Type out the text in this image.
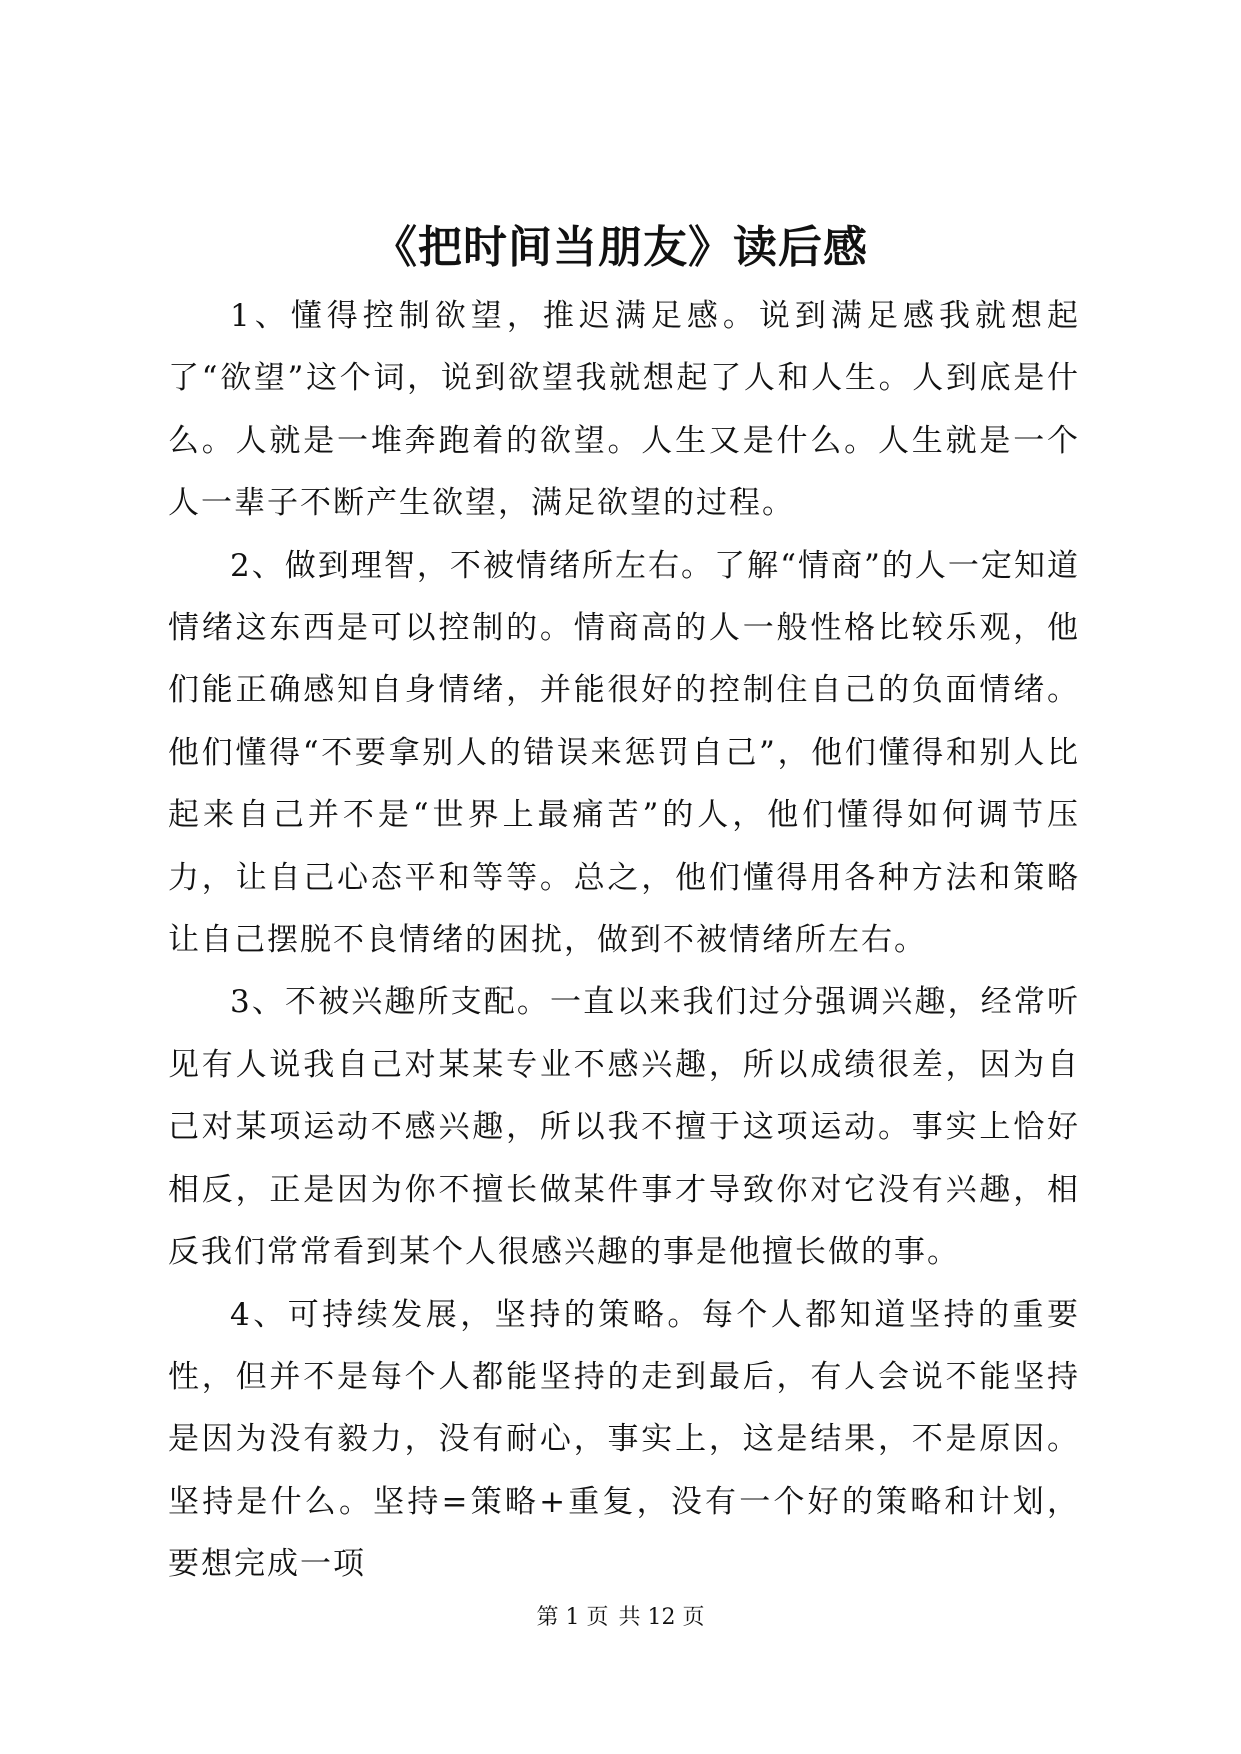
《把时间当朋友》读后感

1、懂得控制欲望，推迟满足感。说到满足感我就想起了“欲望”这个词，说到欲望我就想起了人和人生。人到底是什么。人就是一堆奔跑着的欲望。人生又是什么。人生就是一个人一辈子不断产生欲望，满足欲望的过程。

2、做到理智，不被情绪所左右。了解“情商”的人一定知道情绪这东西是可以控制的。情商高的人一般性格比较乐观，他们能正确感知自身情绪，并能很好的控制住自己的负面情绪。他们懂得“不要拿别人的错误来惩罚自己”，他们懂得和别人比起来自己并不是“世界上最痛苦”的人，他们懂得如何调节压力，让自己心态平和等等。总之，他们懂得用各种方法和策略让自己摆脱不良情绪的困扰，做到不被情绪所左右。

3、不被兴趣所支配。一直以来我们过分强调兴趣，经常听见有人说我自己对某某专业不感兴趣，所以成绩很差，因为自己对某项运动不感兴趣，所以我不擅于这项运动。事实上恰好相反，正是因为你不擅长做某件事才导致你对它没有兴趣，相反我们常常看到某个人很感兴趣的事是他擅长做的事。

4、可持续发展，坚持的策略。每个人都知道坚持的重要性，但并不是每个人都能坚持的走到最后，有人会说不能坚持是因为没有毅力，没有耐心，事实上，这是结果，不是原因。坚持是什么。坚持=策略+重复，没有一个好的策略和计划，要想完成一项

第 1 页 共 12 页
